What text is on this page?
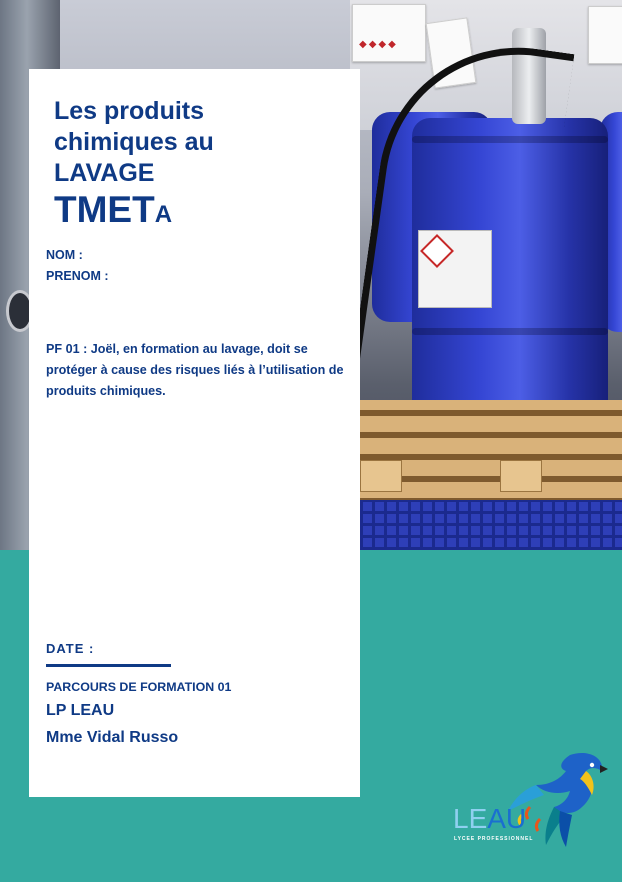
◆◆◆◆
Les produits
chimiques au
LAVAGE
TMETA
NOM :
PRENOM :
PF 01 : Joël, en formation au lavage, doit se protéger à cause des risques liés à l’utilisation de produits chimiques.
DATE :
PARCOURS DE FORMATION 01
LP LEAU
Mme Vidal Russo
LEAU
LYCEE PROFESSIONNEL
